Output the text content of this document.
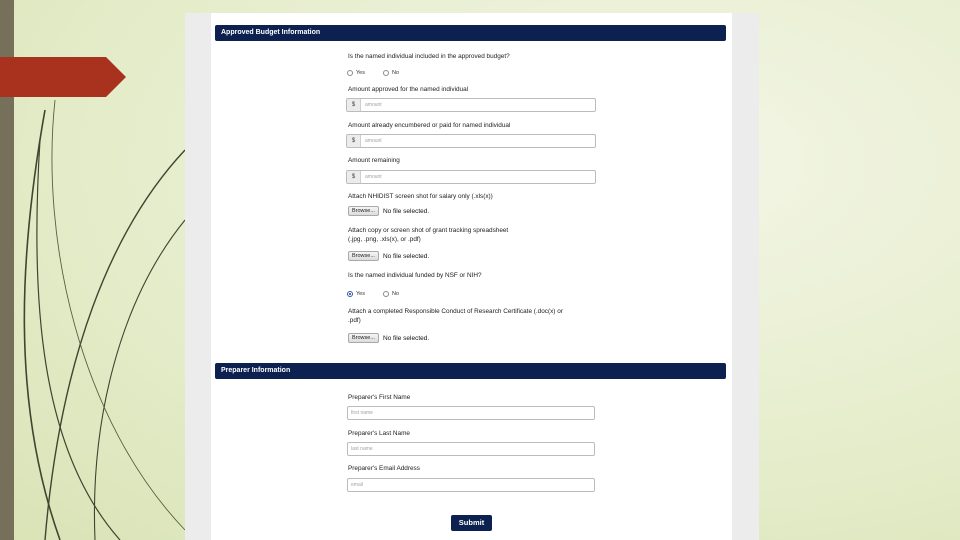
Approved Budget Information
Is the named individual included in the approved budget?
Yes	No
Amount approved for the named individual
$	amount
Amount already encumbered or paid for named individual
$	amount
Amount remaining
$	amount
Attach NHIDIST screen shot for salary only (.xls(x))
Browse...	No file selected.
Attach copy or screen shot of grant tracking spreadsheet
(.jpg, .png, .xls(x), or .pdf)
Browse...	No file selected.
Is the named individual funded by NSF or NIH?
Yes	No
Attach a completed Responsible Conduct of Research Certificate (.doc(x) or
.pdf)
Browse...	No file selected.
Preparer Information
Preparer's First Name
first name
Preparer's Last Name
last name
Preparer's Email Address
email
Submit
